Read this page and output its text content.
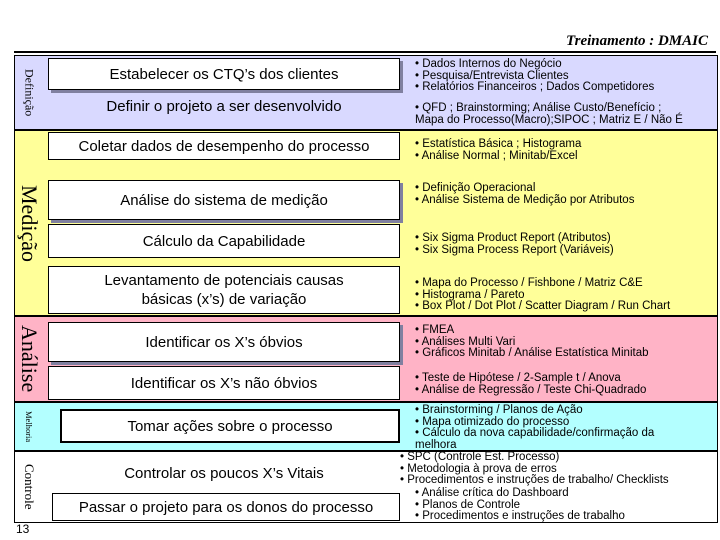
Treinamento : DMAIC
Definição
Medição
Análise
Melhoria
Controle
Estabelecer os CTQ’s dos clientes
Definir o projeto a ser desenvolvido
Coletar dados de desempenho do processo
Análise do sistema de medição
Cálculo da Capabilidade
Levantamento de potenciais causas
básicas (x’s) de variação
Identificar os X’s óbvios
Identificar os X’s não óbvios
Tomar ações sobre o processo
Controlar os poucos X’s Vitais
Passar o projeto para os donos do processo
• Dados Internos do Negócio
• Pesquisa/Entrevista Clientes
• Relatórios Financeiros ; Dados Competidores
• QFD ; Brainstorming; Análise Custo/Benefício ;
Mapa do Processo(Macro);SIPOC ; Matriz E / Não É
• Estatística Básica ; Histograma
• Análise Normal ; Minitab/Excel
• Definição Operacional
• Análise Sistema de Medição por Atributos
• Six Sigma Product Report (Atributos)
• Six Sigma Process Report (Variáveis)
• Mapa do Processo / Fishbone / Matriz C&E
• Histograma / Pareto
• Box Plot / Dot Plot / Scatter Diagram / Run Chart
• FMEA
• Análises Multi Vari
• Gráficos Minitab / Análise Estatística Minitab
• Teste de Hipótese / 2-Sample t / Anova
• Análise de Regressão / Teste Chi-Quadrado
• Brainstorming / Planos de Ação
• Mapa otimizado do processo
• Cálculo da nova capabilidade/confirmação da
melhora
• SPC (Controle Est. Processo)
• Metodologia à prova de erros
• Procedimentos e instruções de trabalho/ Checklists
• Análise crítica do Dashboard
• Planos de Controle
• Procedimentos e instruções de trabalho
13
